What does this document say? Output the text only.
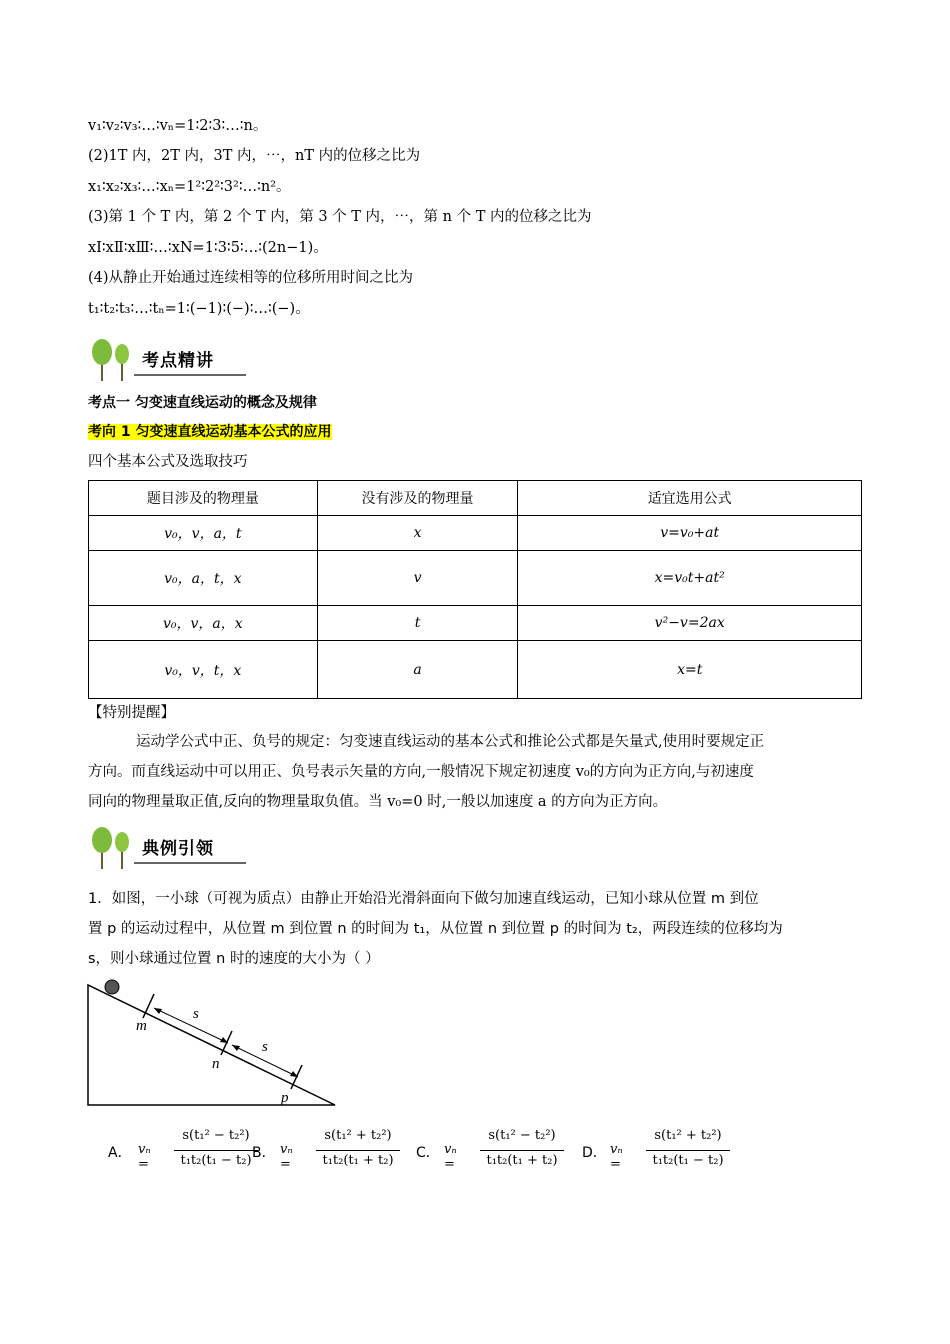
v₁∶v₂∶v₃∶…∶vₙ=1∶2∶3∶…∶n。
(2)1T 内，2T 内，3T 内，⋯，nT 内的位移之比为
x₁∶x₂∶x₃∶…∶xₙ=1²∶2²∶3²∶…∶n²。
(3)第 1 个 T 内，第 2 个 T 内，第 3 个 T 内，⋯，第 n 个 T 内的位移之比为
xⅠ∶xⅡ∶xⅢ∶…∶xN=1∶3∶5∶…∶(2n−1)。
(4)从静止开始通过连续相等的位移所用时间之比为
t₁∶t₂∶t₃∶…∶tₙ=1∶(−1)∶(−)∶…∶(−)。
考点精讲
考点一 匀变速直线运动的概念及规律
考向 1 匀变速直线运动基本公式的应用
四个基本公式及选取技巧
题目涉及的物理量	没有涉及的物理量	适宜选用公式
v₀，v，a，t	x	v=v₀+at
v₀，a，t，x	v	x=v₀t+at²
v₀，v，a，x	t	v²−v=2ax
v₀，v，t，x	a	x=t
【特别提醒】
运动学公式中正、负号的规定：匀变速直线运动的基本公式和推论公式都是矢量式,使用时要规定正
方向。而直线运动中可以用正、负号表示矢量的方向,一般情况下规定初速度 v₀的方向为正方向,与初速度
同向的物理量取正值,反向的物理量取负值。当 v₀=0 时,一般以加速度 a 的方向为正方向。
典例引领
1．如图，一小球（可视为质点）由静止开始沿光滑斜面向下做匀加速直线运动，已知小球从位置 m 到位
置 p 的运动过程中，从位置 m 到位置 n 的时间为 t₁，从位置 n 到位置 p 的时间为 t₂，两段连续的位移均为
s，则小球通过位置 n 时的速度的大小为（ ）
s
s
m
n
p
A． vₙ =
s(t₁² − t₂²)
t₁t₂(t₁ − t₂) B． vₙ =
s(t₁² + t₂²)
t₁t₂(t₁ + t₂)	C． vₙ =
s(t₁² − t₂²)
t₁t₂(t₁ + t₂)	D． vₙ =
s(t₁² + t₂²)
t₁t₂(t₁ − t₂)
